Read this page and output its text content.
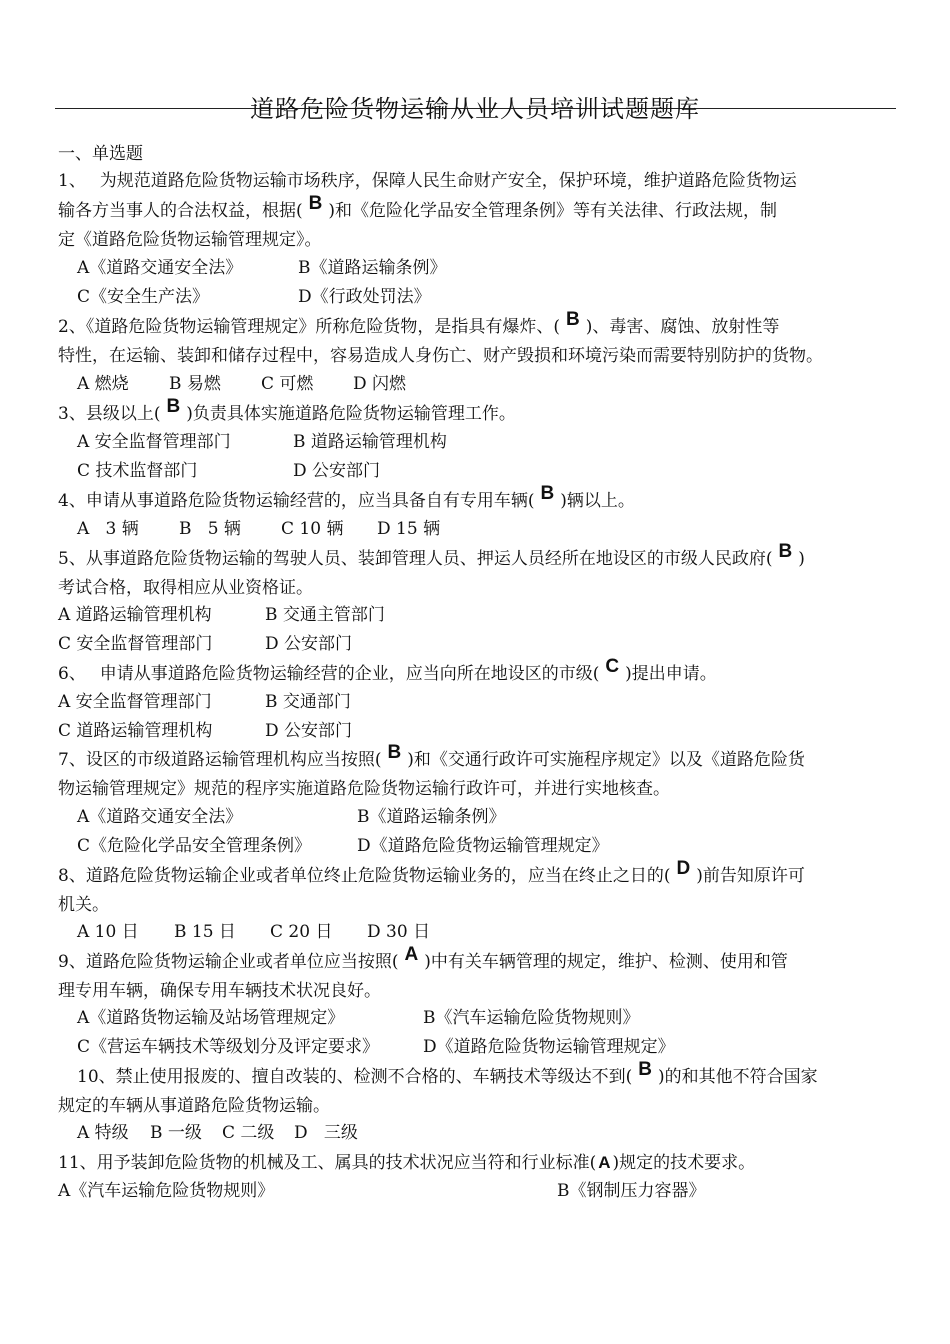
道路危险货物运输从业人员培训试题题库
一、单选题
1、　 为规范道路危险货物运输市场秩序，保障人民生命财产安全，保护环境，维护道路危险货物运
输各方当事人的合法权益，根据( B )和《危险化学品安全管理条例》等有关法律、行政法规，制
定《道路危险货物运输管理规定》。
A《道路交通安全法》	B《道路运输条例》
C《安全生产法》	D《行政处罚法》
2、《道路危险货物运输管理规定》所称危险货物，是指具有爆炸、( B )、毒害、腐蚀、放射性等
特性，在运输、装卸和储存过程中，容易造成人身伤亡、财产毁损和环境污染而需要特别防护的货物。
A 燃烧 B 易燃 C 可燃 D 闪燃
3、县级以上( B )负责具体实施道路危险货物运输管理工作。
A 安全监督管理部门	B 道路运输管理机构
C 技术监督部门	D 公安部门
4、申请从事道路危险货物运输经营的，应当具备自有专用车辆( B )辆以上。
A   3 辆 B   5 辆 C 10 辆 D 15 辆
5、从事道路危险货物运输的驾驶人员、装卸管理人员、押运人员经所在地设区的市级人民政府( B )
考试合格，取得相应从业资格证。
A 道路运输管理机构	B 交通主管部门
C 安全监督管理部门	D 公安部门
6、　 申请从事道路危险货物运输经营的企业，应当向所在地设区的市级( C )提出申请。
A 安全监督管理部门	B 交通部门
C 道路运输管理机构	D 公安部门
7、设区的市级道路运输管理机构应当按照( B )和《交通行政许可实施程序规定》以及《道路危险货
物运输管理规定》规范的程序实施道路危险货物运输行政许可，并进行实地核查。
A《道路交通安全法》	B《道路运输条例》
C《危险化学品安全管理条例》	D《道路危险货物运输管理规定》
8、道路危险货物运输企业或者单位终止危险货物运输业务的，应当在终止之日的( D )前告知原许可
机关。
A 10 日 B 15 日 C 20 日 D 30 日
9、道路危险货物运输企业或者单位应当按照( A )中有关车辆管理的规定，维护、检测、使用和管
理专用车辆，确保专用车辆技术状况良好。
A《道路货物运输及站场管理规定》	B《汽车运输危险货物规则》
C《营运车辆技术等级划分及评定要求》	D《道路危险货物运输管理规定》
10、禁止使用报废的、擅自改装的、检测不合格的、车辆技术等级达不到( B )的和其他不符合国家
规定的车辆从事道路危险货物运输。
A 特级 B 一级 C 二级 D   三级
11、用予装卸危险货物的机械及工、属具的技术状况应当符和行业标准( A )规定的技术要求。
A《汽车运输危险货物规则》	B《钢制压力容器》
